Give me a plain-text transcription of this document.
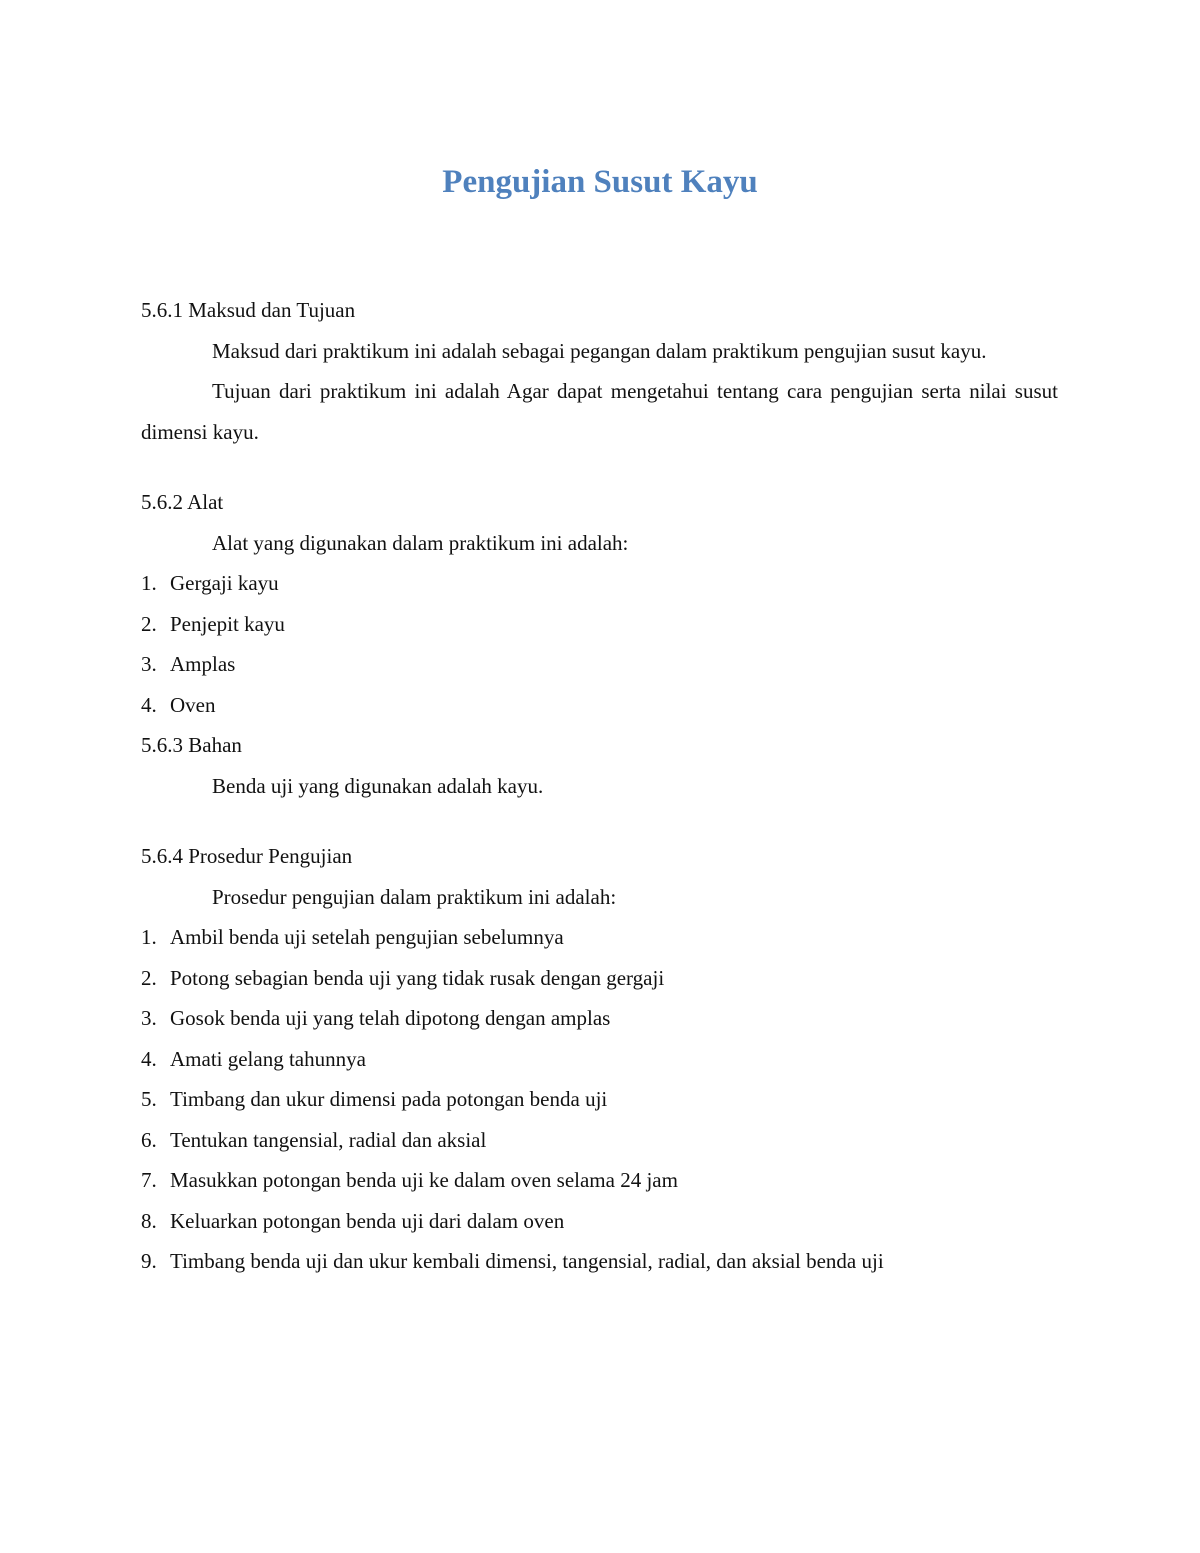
Pengujian Susut Kayu

5.6.1 Maksud dan Tujuan

Maksud dari praktikum ini adalah sebagai pegangan dalam praktikum pengujian susut kayu.

Tujuan dari praktikum ini adalah Agar dapat mengetahui tentang cara pengujian serta nilai susut dimensi kayu.

5.6.2 Alat

Alat yang digunakan dalam praktikum ini adalah:

1. Gergaji kayu
2. Penjepit kayu
3. Amplas
4. Oven

5.6.3 Bahan

Benda uji yang digunakan adalah kayu.

5.6.4 Prosedur Pengujian

Prosedur pengujian dalam praktikum ini adalah:

1. Ambil benda uji setelah pengujian sebelumnya
2. Potong sebagian benda uji yang tidak rusak dengan gergaji
3. Gosok benda uji yang telah dipotong dengan amplas
4. Amati gelang tahunnya
5. Timbang dan ukur dimensi pada potongan benda uji
6. Tentukan tangensial, radial dan aksial
7. Masukkan potongan benda uji ke dalam oven selama 24 jam
8. Keluarkan potongan benda uji dari dalam oven
9. Timbang benda uji dan ukur kembali dimensi, tangensial, radial, dan aksial benda uji
